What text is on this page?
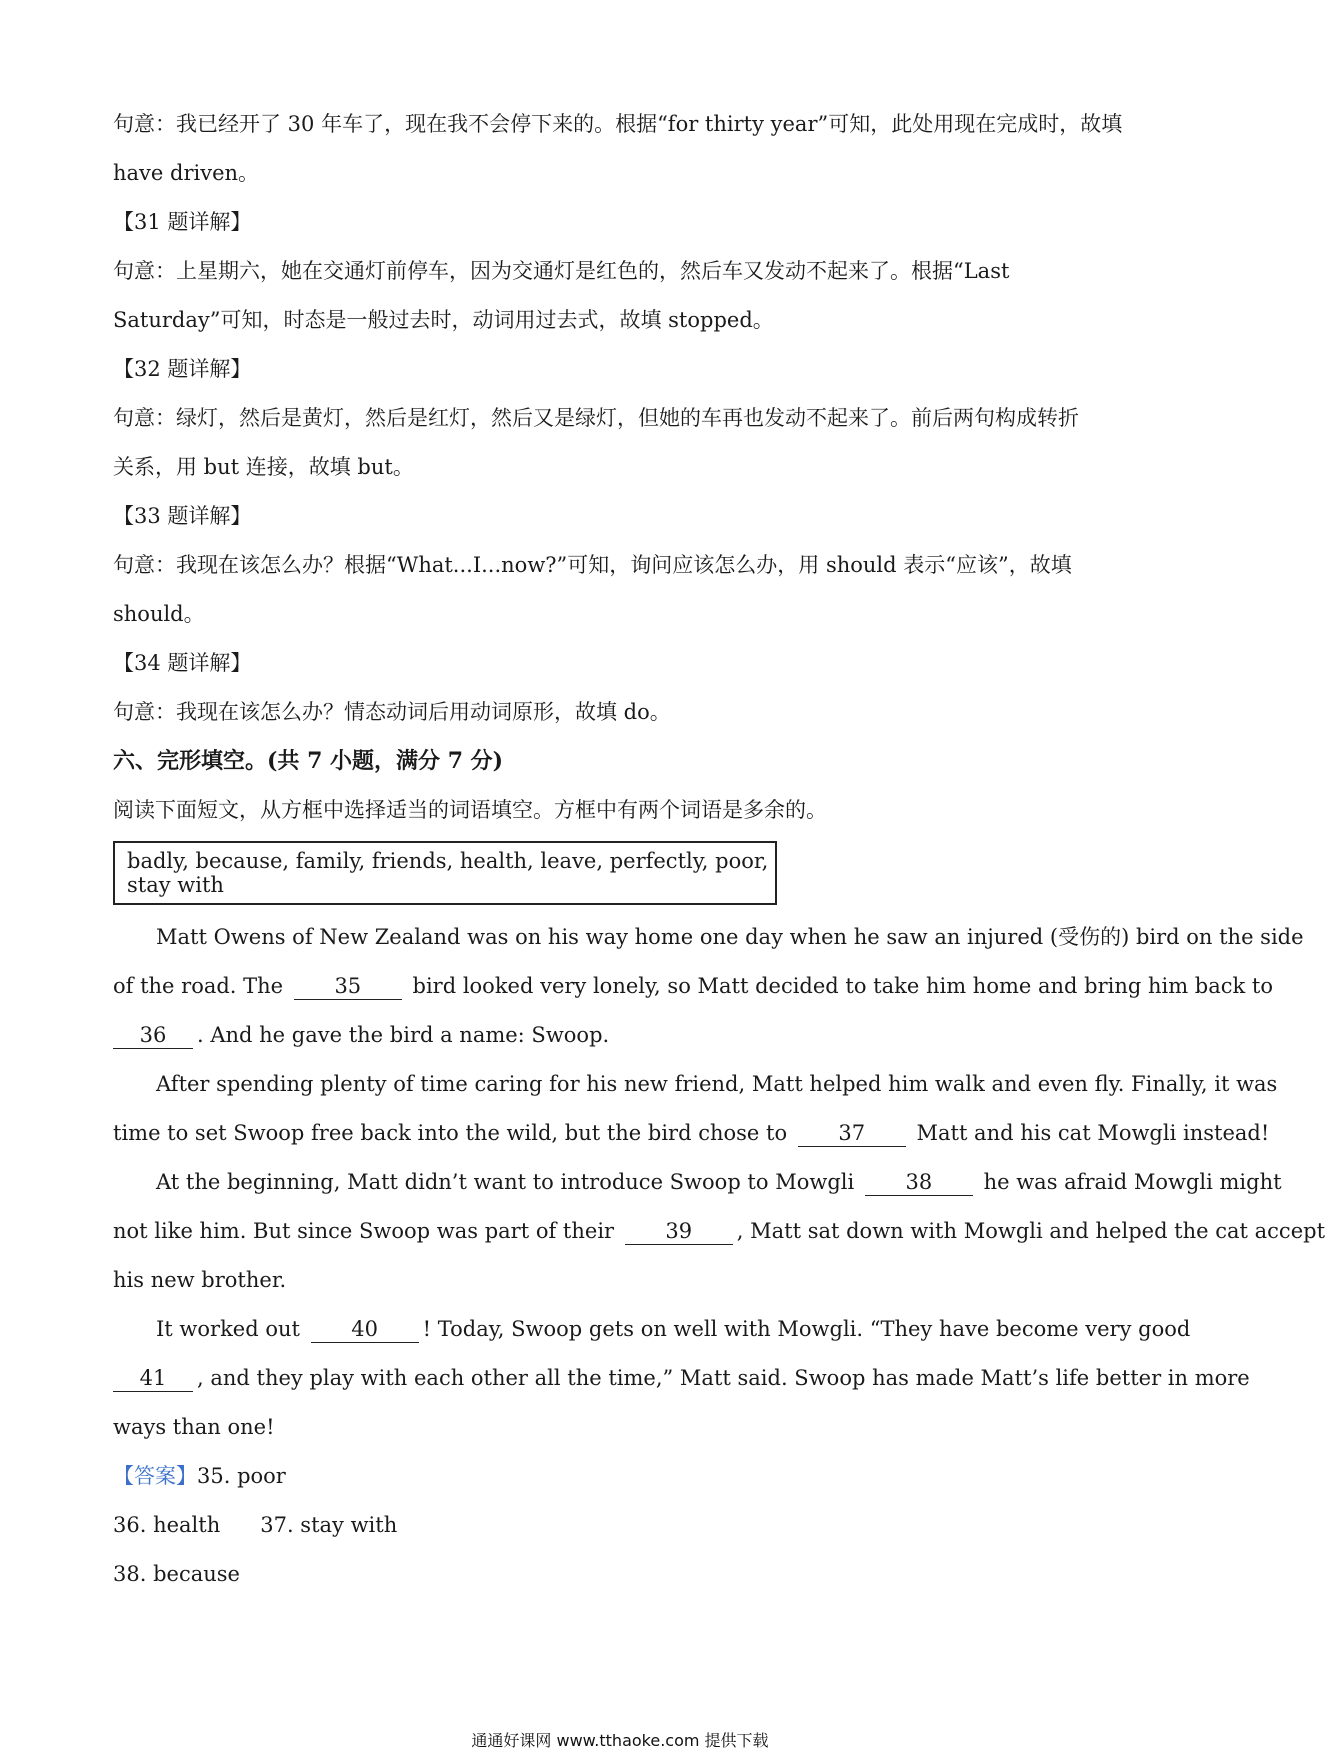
句意：我已经开了 30 年车了，现在我不会停下来的。根据“for thirty year”可知，此处用现在完成时，故填
have driven。
【31 题详解】
句意：上星期六，她在交通灯前停车，因为交通灯是红色的，然后车又发动不起来了。根据“Last
Saturday”可知，时态是一般过去时，动词用过去式，故填 stopped。
【32 题详解】
句意：绿灯，然后是黄灯，然后是红灯，然后又是绿灯，但她的车再也发动不起来了。前后两句构成转折
关系，用 but 连接，故填 but。
【33 题详解】
句意：我现在该怎么办？根据“What...I...now?”可知，询问应该怎么办，用 should 表示“应该”，故填
should。
【34 题详解】
句意：我现在该怎么办？情态动词后用动词原形，故填 do。
六、完形填空。(共 7 小题，满分 7 分)
阅读下面短文，从方框中选择适当的词语填空。方框中有两个词语是多余的。
badly, because, family, friends, health, leave, perfectly, poor, stay with
Matt Owens of New Zealand was on his way home one day when he saw an injured (受伤的) bird on the side
of the road. The 35 bird looked very lonely, so Matt decided to take him home and bring him back to
36 . And he gave the bird a name: Swoop.
After spending plenty of time caring for his new friend, Matt helped him walk and even fly. Finally, it was
time to set Swoop free back into the wild, but the bird chose to 37 Matt and his cat Mowgli instead!
At the beginning, Matt didn’t want to introduce Swoop to Mowgli 38 he was afraid Mowgli might
not like him. But since Swoop was part of their 39 , Matt sat down with Mowgli and helped the cat accept
his new brother.
It worked out 40 ! Today, Swoop gets on well with Mowgli. “They have become very good
41 , and they play with each other all the time,” Matt said. Swoop has made Matt’s life better in more
ways than one!
【答案】35. poor
36. health 37. stay with
38. because
通通好课网 www.tthaoke.com 提供下载
